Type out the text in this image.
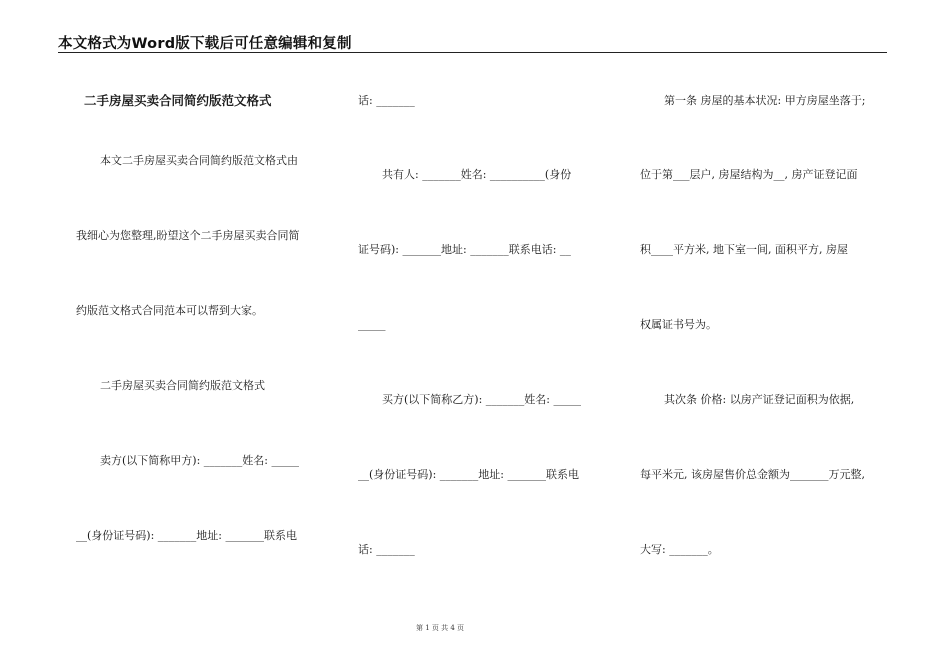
本文格式为Word版下载后可任意编辑和复制
二手房屋买卖合同简约版范文格式
本文二手房屋买卖合同简约版范文格式由
我细心为您整理,盼望这个二手房屋买卖合同简
约版范文格式合同范本可以帮到大家。
二手房屋买卖合同简约版范文格式
卖方(以下简称甲方): _______姓名: _____
__(身份证号码): _______地址: _______联系电
话: _______
共有人: _______姓名: __________(身份
证号码): _______地址: _______联系电话: __
_____
买方(以下简称乙方): _______姓名: _____
__(身份证号码): _______地址: _______联系电
话: _______
第一条 房屋的基本状况: 甲方房屋坐落于;
位于第___层户, 房屋结构为__, 房产证登记面
积____平方米, 地下室一间, 面积平方, 房屋
权属证书号为。
其次条 价格: 以房产证登记面积为依据,
每平米元, 该房屋售价总金额为_______万元整,
大写: _______。
第 1 页 共 4 页
